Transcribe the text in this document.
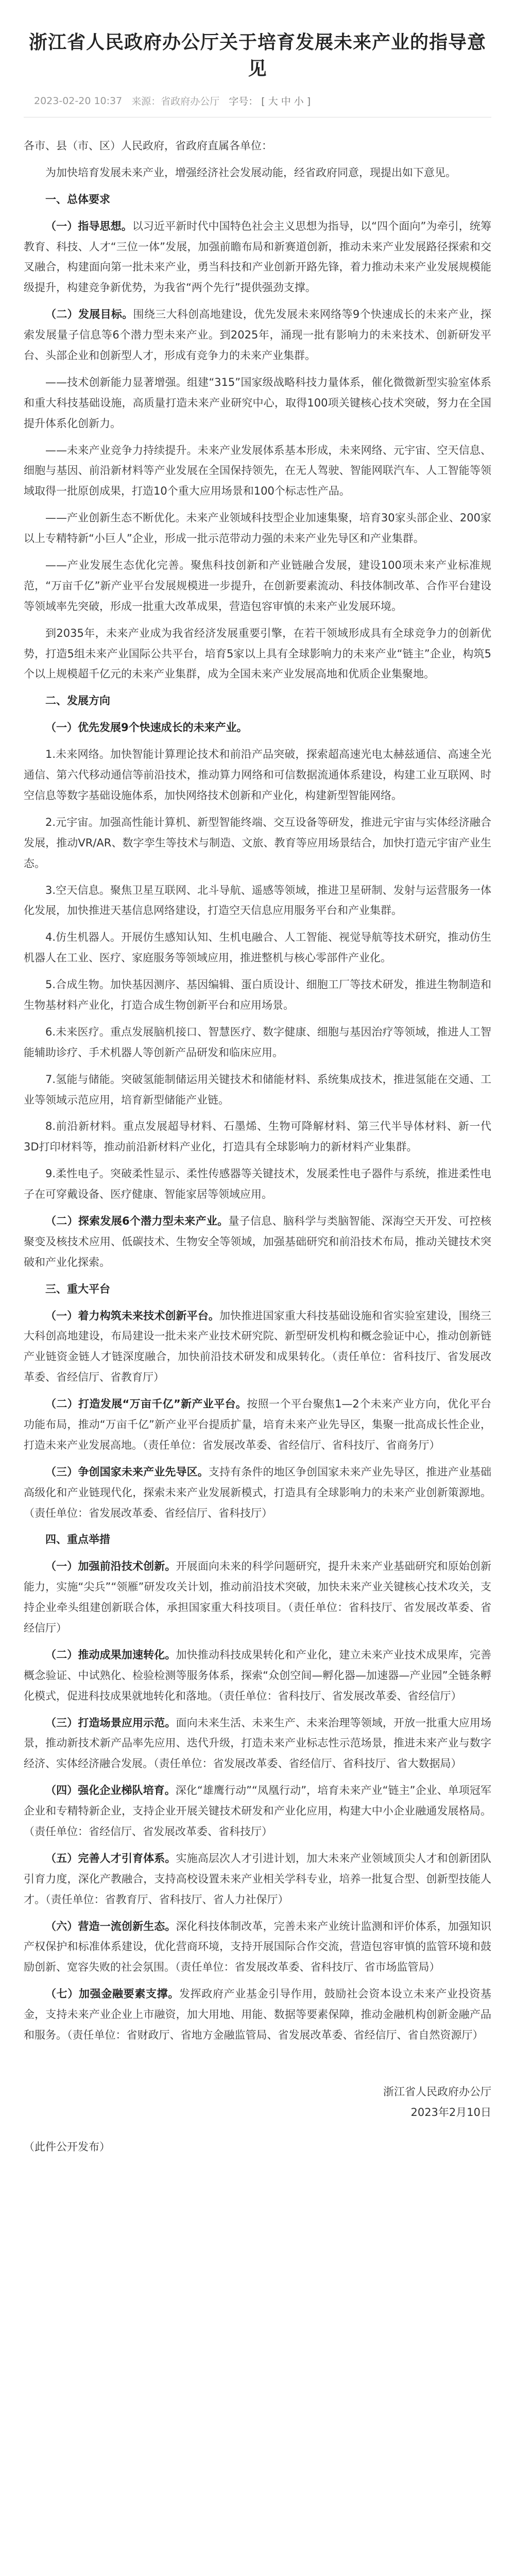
浙江省人民政府办公厅关于培育发展未来产业的指导意见
2023-02-20 10:37 来源：省政府办公厅 字号： [ 大 中 小 ]

各市、县（市、区）人民政府，省政府直属各单位：

为加快培育发展未来产业，增强经济社会发展动能，经省政府同意，现提出如下意见。

一、总体要求

（一）指导思想。以习近平新时代中国特色社会主义思想为指导，以“四个面向”为牵引，统筹教育、科技、人才“三位一体”发展，加强前瞻布局和新赛道创新，推动未来产业发展路径探索和交叉融合，构建面向第一批未来产业，勇当科技和产业创新开路先锋，着力推动未来产业发展规模能级提升，构建竞争新优势，为我省“两个先行”提供强劲支撑。

（二）发展目标。围绕三大科创高地建设，优先发展未来网络等9个快速成长的未来产业，探索发展量子信息等6个潜力型未来产业。到2025年，涌现一批有影响力的未来技术、创新研发平台、头部企业和创新型人才，形成有竞争力的未来产业集群。

——技术创新能力显著增强。组建“315”国家级战略科技力量体系，催化微微新型实验室体系和重大科技基础设施，高质量打造未来产业研究中心，取得100项关键核心技术突破，努力在全国提升体系化创新力。

——未来产业竞争力持续提升。未来产业发展体系基本形成，未来网络、元宇宙、空天信息、细胞与基因、前沿新材料等产业发展在全国保持领先，在无人驾驶、智能网联汽车、人工智能等领域取得一批原创成果，打造10个重大应用场景和100个标志性产品。

——产业创新生态不断优化。未来产业领域科技型企业加速集聚，培育30家头部企业、200家以上专精特新“小巨人”企业，形成一批示范带动力强的未来产业先导区和产业集群。

——产业发展生态优化完善。聚焦科技创新和产业链融合发展，建设100项未来产业标准规范，“万亩千亿”新产业平台发展规模进一步提升，在创新要素流动、科技体制改革、合作平台建设等领域率先突破，形成一批重大改革成果，营造包容审慎的未来产业发展环境。

到2035年，未来产业成为我省经济发展重要引擎，在若干领域形成具有全球竞争力的创新优势，打造5组未来产业国际公共平台，培育5家以上具有全球影响力的未来产业“链主”企业，构筑5个以上规模超千亿元的未来产业集群，成为全国未来产业发展高地和优质企业集聚地。

二、发展方向

（一）优先发展9个快速成长的未来产业。

1.未来网络。加快智能计算理论技术和前沿产品突破，探索超高速光电太赫兹通信、高速全光通信、第六代移动通信等前沿技术，推动算力网络和可信数据流通体系建设，构建工业互联网、时空信息等数字基础设施体系，加快网络技术创新和产业化，构建新型智能网络。

2.元宇宙。加强高性能计算机、新型智能终端、交互设备等研发，推进元宇宙与实体经济融合发展，推动VR/AR、数字孪生等技术与制造、文旅、教育等应用场景结合，加快打造元宇宙产业生态。

3.空天信息。聚焦卫星互联网、北斗导航、遥感等领域，推进卫星研制、发射与运营服务一体化发展，加快推进天基信息网络建设，打造空天信息应用服务平台和产业集群。

4.仿生机器人。开展仿生感知认知、生机电融合、人工智能、视觉导航等技术研究，推动仿生机器人在工业、医疗、家庭服务等领域应用，推进整机与核心零部件产业化。

5.合成生物。加快基因测序、基因编辑、蛋白质设计、细胞工厂等技术研发，推进生物制造和生物基材料产业化，打造合成生物创新平台和应用场景。

6.未来医疗。重点发展脑机接口、智慧医疗、数字健康、细胞与基因治疗等领域，推进人工智能辅助诊疗、手术机器人等创新产品研发和临床应用。

7.氢能与储能。突破氢能制储运用关键技术和储能材料、系统集成技术，推进氢能在交通、工业等领域示范应用，培育新型储能产业链。

8.前沿新材料。重点发展超导材料、石墨烯、生物可降解材料、第三代半导体材料、新一代3D打印材料等，推动前沿新材料产业化，打造具有全球影响力的新材料产业集群。

9.柔性电子。突破柔性显示、柔性传感器等关键技术，发展柔性电子器件与系统，推进柔性电子在可穿戴设备、医疗健康、智能家居等领域应用。

（二）探索发展6个潜力型未来产业。量子信息、脑科学与类脑智能、深海空天开发、可控核聚变及核技术应用、低碳技术、生物安全等领域，加强基础研究和前沿技术布局，推动关键技术突破和产业化探索。

三、重大平台

（一）着力构筑未来技术创新平台。加快推进国家重大科技基础设施和省实验室建设，围绕三大科创高地建设，布局建设一批未来产业技术研究院、新型研发机构和概念验证中心，推动创新链产业链资金链人才链深度融合，加快前沿技术研发和成果转化。（责任单位：省科技厅、省发展改革委、省经信厅、省教育厅）

（二）打造发展“万亩千亿”新产业平台。按照一个平台聚焦1—2个未来产业方向，优化平台功能布局，推动“万亩千亿”新产业平台提质扩量，培育未来产业先导区，集聚一批高成长性企业，打造未来产业发展高地。（责任单位：省发展改革委、省经信厅、省科技厅、省商务厅）

（三）争创国家未来产业先导区。支持有条件的地区争创国家未来产业先导区，推进产业基础高级化和产业链现代化，探索未来产业发展新模式，打造具有全球影响力的未来产业创新策源地。（责任单位：省发展改革委、省经信厅、省科技厅）

四、重点举措

（一）加强前沿技术创新。开展面向未来的科学问题研究，提升未来产业基础研究和原始创新能力，实施“尖兵”“领雁”研发攻关计划，推动前沿技术突破，加快未来产业关键核心技术攻关，支持企业牵头组建创新联合体，承担国家重大科技项目。（责任单位：省科技厅、省发展改革委、省经信厅）

（二）推动成果加速转化。加快推动科技成果转化和产业化，建立未来产业技术成果库，完善概念验证、中试熟化、检验检测等服务体系，探索“众创空间—孵化器—加速器—产业园”全链条孵化模式，促进科技成果就地转化和落地。（责任单位：省科技厅、省发展改革委、省经信厅）

（三）打造场景应用示范。面向未来生活、未来生产、未来治理等领域，开放一批重大应用场景，推动新技术新产品率先应用、迭代升级，打造未来产业标志性示范场景，推进未来产业与数字经济、实体经济融合发展。（责任单位：省发展改革委、省经信厅、省科技厅、省大数据局）

（四）强化企业梯队培育。深化“雄鹰行动”“凤凰行动”，培育未来产业“链主”企业、单项冠军企业和专精特新企业，支持企业开展关键技术研发和产业化应用，构建大中小企业融通发展格局。（责任单位：省经信厅、省发展改革委、省科技厅）

（五）完善人才引育体系。实施高层次人才引进计划，加大未来产业领域顶尖人才和创新团队引育力度，深化产教融合，支持高校设置未来产业相关学科专业，培养一批复合型、创新型技能人才。（责任单位：省教育厅、省科技厅、省人力社保厅）

（六）营造一流创新生态。深化科技体制改革，完善未来产业统计监测和评价体系，加强知识产权保护和标准体系建设，优化营商环境，支持开展国际合作交流，营造包容审慎的监管环境和鼓励创新、宽容失败的社会氛围。（责任单位：省发展改革委、省科技厅、省市场监管局）

（七）加强金融要素支撑。发挥政府产业基金引导作用，鼓励社会资本设立未来产业投资基金，支持未来产业企业上市融资，加大用地、用能、数据等要素保障，推动金融机构创新金融产品和服务。（责任单位：省财政厅、省地方金融监管局、省发展改革委、省经信厅、省自然资源厅）

浙江省人民政府办公厅
2023年2月10日
（此件公开发布）
